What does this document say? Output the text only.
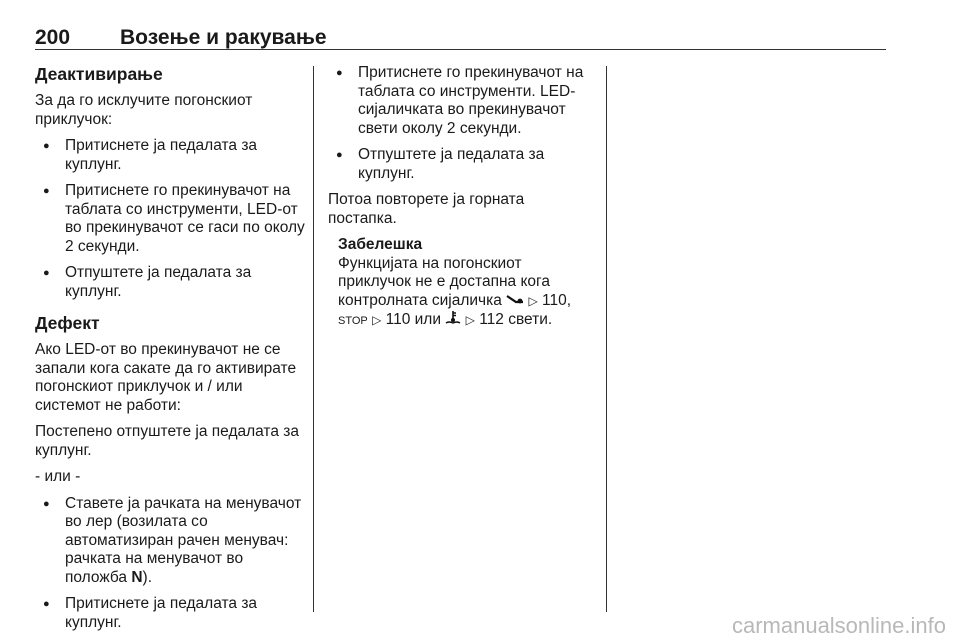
200 Возење и ракување
Деактивирање

За да го исклучите погонскиот приклучок:

● Притиснете ја педалата за куплунг.
● Притиснете го прекинувачот на таблата со инструменти, LED-от во прекинувачот се гаси по околу 2 секунди.
● Отпуштете ја педалата за куплунг.
Дефект

Ако LED-от во прекинувачот не се запали кога сакате да го активирате погонскиот приклучок и / или системот не работи:

Постепено отпуштете ја педалата за куплунг.

- или -

● Ставете ја рачката на менувачот во лер (возилата со автоматизиран рачен менувач: рачката на менувачот во положба N).
● Притиснете ја педалата за куплунг.
● Притиснете го прекинувачот на таблата со инструменти. LED-сијаличката во прекинувачот свети околу 2 секунди.
● Отпуштете ја педалата за куплунг.

Потоа повторете ја горната постапка.

Забелешка
Функцијата на погонскиот приклучок не е достапна кога контролната сијаличка ▷ 110,
STOP ▷ 110 или ▷ 112 свети.
carmanualsonline.info
